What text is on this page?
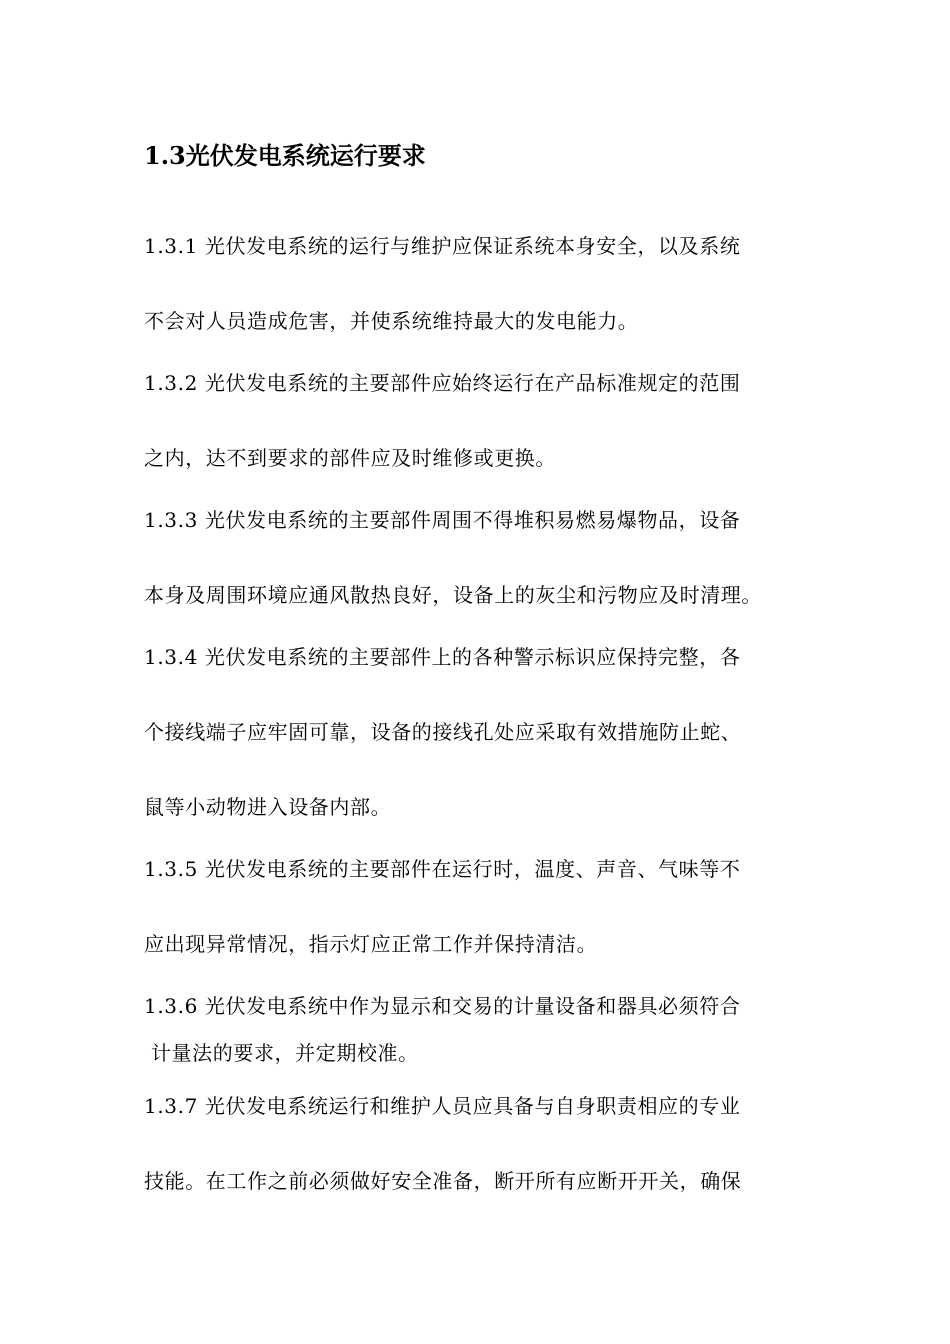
1.3光伏发电系统运行要求
1.3.1 光伏发电系统的运行与维护应保证系统本身安全，以及系统
不会对人员造成危害，并使系统维持最大的发电能力。
1.3.2 光伏发电系统的主要部件应始终运行在产品标准规定的范围
之内，达不到要求的部件应及时维修或更换。
1.3.3 光伏发电系统的主要部件周围不得堆积易燃易爆物品，设备
本身及周围环境应通风散热良好，设备上的灰尘和污物应及时清理。
1.3.4 光伏发电系统的主要部件上的各种警示标识应保持完整，各
个接线端子应牢固可靠，设备的接线孔处应采取有效措施防止蛇、
鼠等小动物进入设备内部。
1.3.5 光伏发电系统的主要部件在运行时，温度、声音、气味等不
应出现异常情况，指示灯应正常工作并保持清洁。
1.3.6 光伏发电系统中作为显示和交易的计量设备和器具必须符合
计量法的要求，并定期校准。
1.3.7 光伏发电系统运行和维护人员应具备与自身职责相应的专业
技能。在工作之前必须做好安全准备，断开所有应断开开关，确保
